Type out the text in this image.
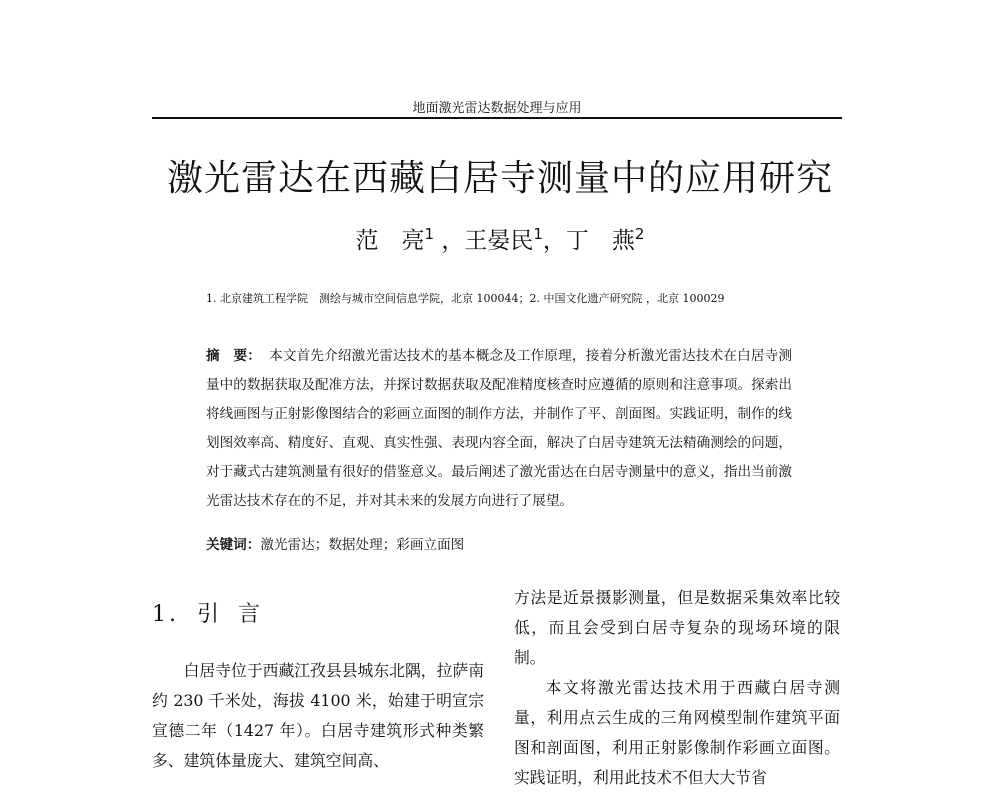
地面激光雷达数据处理与应用
激光雷达在西藏白居寺测量中的应用研究
范　亮$^1$ ，王晏民$^1$，丁　燕$^2$
1. 北京建筑工程学院　测绘与城市空间信息学院，北京 100044；2. 中国文化遗产研究院 ，北京 100029
摘　要： 本文首先介绍激光雷达技术的基本概念及工作原理，接着分析激光雷达技术在白居寺测量中的数据获取及配准方法，并探讨数据获取及配准精度核查时应遵循的原则和注意事项。探索出将线画图与正射影像图结合的彩画立面图的制作方法，并制作了平、剖面图。实践证明，制作的线划图效率高、精度好、直观、真实性强、表现内容全面，解决了白居寺建筑无法精确测绘的问题，对于藏式古建筑测量有很好的借鉴意义。最后阐述了激光雷达在白居寺测量中的意义，指出当前激光雷达技术存在的不足，并对其未来的发展方向进行了展望。
关键词：激光雷达；数据处理；彩画立面图
1. 引 言

白居寺位于西藏江孜县县城东北隅，拉萨南约 230 千米处，海拔 4100 米，始建于明宣宗宣德二年（1427 年）。白居寺建筑形式种类繁多、建筑体量庞大、建筑空间高、

方法是近景摄影测量，但是数据采集效率比较低，而且会受到白居寺复杂的现场环境的限制。

本文将激光雷达技术用于西藏白居寺测量，利用点云生成的三角网模型制作建筑平面图和剖面图，利用正射影像制作彩画立面图。实践证明，利用此技术不但大大节省
